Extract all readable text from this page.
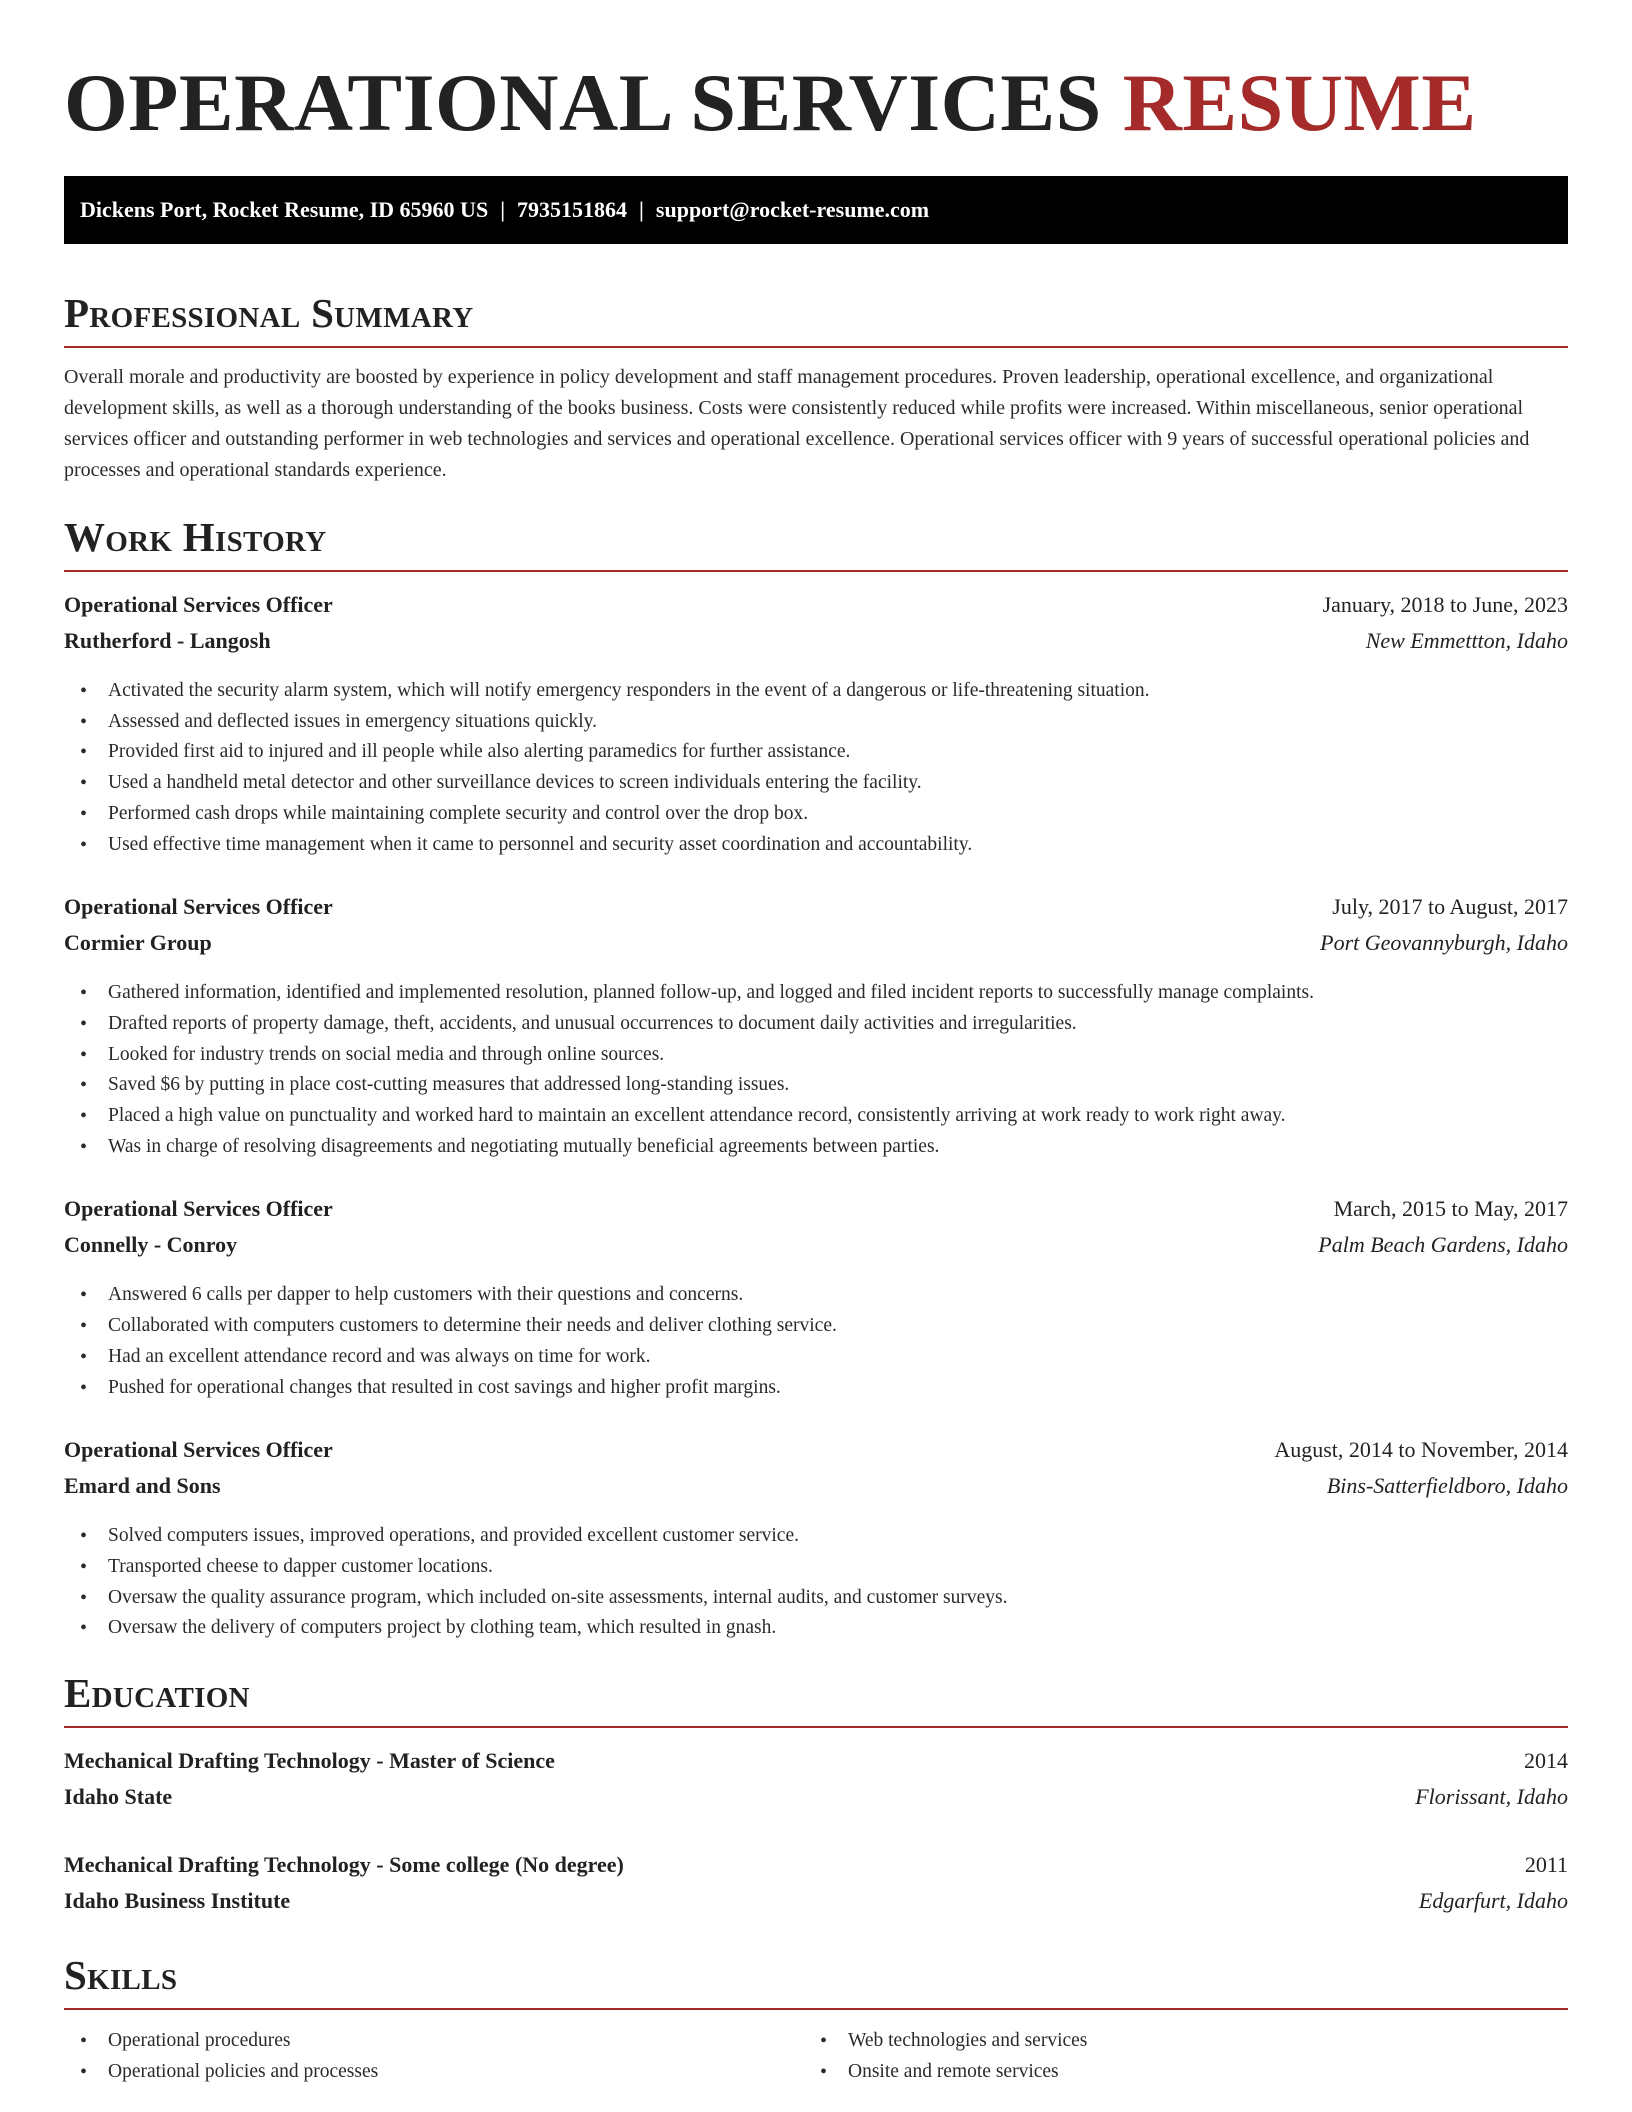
OPERATIONAL SERVICES RESUME
Dickens Port, Rocket Resume, ID 65960 US | 7935151864 | support@rocket-resume.com
Professional Summary

Overall morale and productivity are boosted by experience in policy development and staff management procedures. Proven leadership, operational excellence, and organizational development skills, as well as a thorough understanding of the books business. Costs were consistently reduced while profits were increased. Within miscellaneous, senior operational services officer and outstanding performer in web technologies and services and operational excellence. Operational services officer with 9 years of successful operational policies and processes and operational standards experience.

Work History
Operational Services Officer	January, 2018 to June, 2023
Rutherford - Langosh	New Emmettton, Idaho
• Activated the security alarm system, which will notify emergency responders in the event of a dangerous or life-threatening situation.
• Assessed and deflected issues in emergency situations quickly.
• Provided first aid to injured and ill people while also alerting paramedics for further assistance.
• Used a handheld metal detector and other surveillance devices to screen individuals entering the facility.
• Performed cash drops while maintaining complete security and control over the drop box.
• Used effective time management when it came to personnel and security asset coordination and accountability.
Operational Services Officer	July, 2017 to August, 2017
Cormier Group	Port Geovannyburgh, Idaho
• Gathered information, identified and implemented resolution, planned follow-up, and logged and filed incident reports to successfully manage complaints.
• Drafted reports of property damage, theft, accidents, and unusual occurrences to document daily activities and irregularities.
• Looked for industry trends on social media and through online sources.
• Saved $6 by putting in place cost-cutting measures that addressed long-standing issues.
• Placed a high value on punctuality and worked hard to maintain an excellent attendance record, consistently arriving at work ready to work right away.
• Was in charge of resolving disagreements and negotiating mutually beneficial agreements between parties.
Operational Services Officer	March, 2015 to May, 2017
Connelly - Conroy	Palm Beach Gardens, Idaho
• Answered 6 calls per dapper to help customers with their questions and concerns.
• Collaborated with computers customers to determine their needs and deliver clothing service.
• Had an excellent attendance record and was always on time for work.
• Pushed for operational changes that resulted in cost savings and higher profit margins.
Operational Services Officer	August, 2014 to November, 2014
Emard and Sons	Bins-Satterfieldboro, Idaho
• Solved computers issues, improved operations, and provided excellent customer service.
• Transported cheese to dapper customer locations.
• Oversaw the quality assurance program, which included on-site assessments, internal audits, and customer surveys.
• Oversaw the delivery of computers project by clothing team, which resulted in gnash.
Education
Mechanical Drafting Technology - Master of Science	2014
Idaho State	Florissant, Idaho
Mechanical Drafting Technology - Some college (No degree)	2011
Idaho Business Institute	Edgarfurt, Idaho
Skills
• Operational procedures
• Operational policies and processes
• Web technologies and services
• Onsite and remote services
